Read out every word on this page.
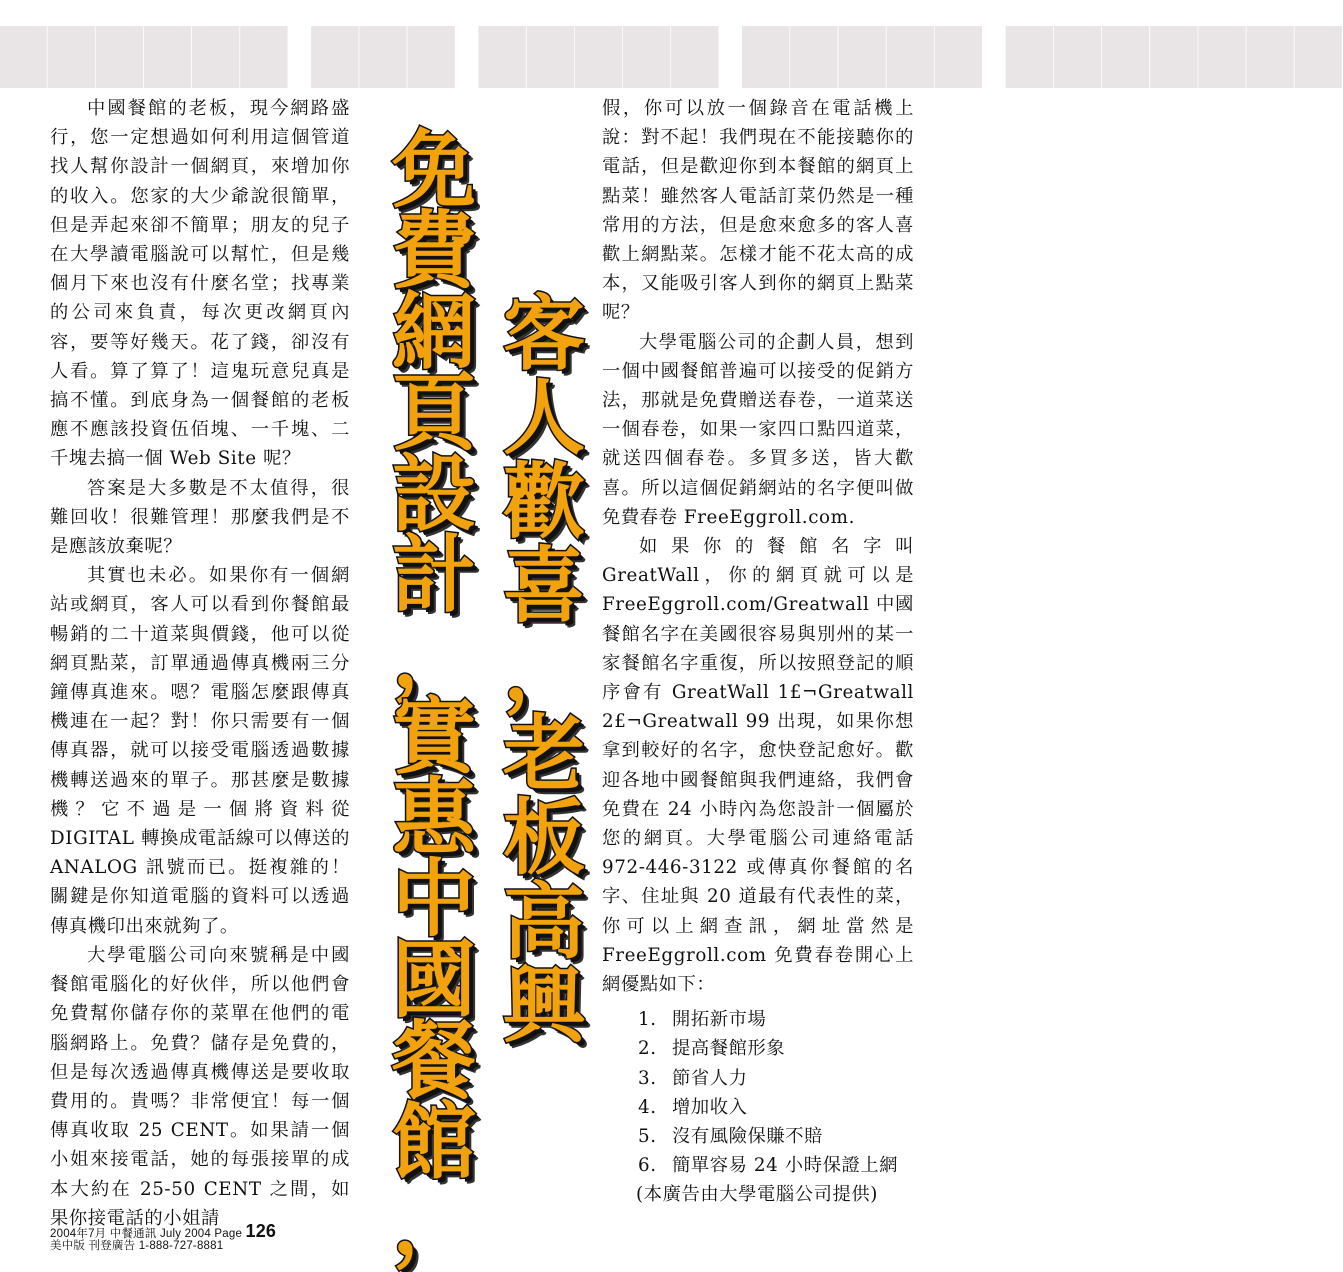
▇▇▇▇▇▇ ▇▇▇ ▇▇▇▇▇ ▇▇▇▇▇ ▇▇▇▇▇▇▇

中國餐館的老板，現今網路盛行，您一定想過如何利用這個管道找人幫你設計一個網頁，來增加你的收入。您家的大少爺說很簡單，但是弄起來卻不簡單；朋友的兒子在大學讀電腦說可以幫忙，但是幾個月下來也沒有什麼名堂；找專業的公司來負責，每次更改網頁內容，要等好幾天。花了錢，卻沒有人看。算了算了！這鬼玩意兒真是搞不懂。到底身為一個餐館的老板應不應該投資伍佰塊、一千塊、二千塊去搞一個 Web Site 呢？

答案是大多數是不太值得，很難回收！很難管理！那麼我們是不是應該放棄呢？

其實也未必。如果你有一個網站或網頁，客人可以看到你餐館最暢銷的二十道菜與價錢，他可以從網頁點菜，訂單通過傳真機兩三分鐘傳真進來。嗯？電腦怎麼跟傳真機連在一起？對！你只需要有一個傳真器，就可以接受電腦透過數據機轉送過來的單子。那甚麼是數據機？它不過是一個將資料從 DIGITAL 轉換成電話線可以傳送的 ANALOG 訊號而已。挺複雜的！關鍵是你知道電腦的資料可以透過傳真機印出來就夠了。

大學電腦公司向來號稱是中國餐館電腦化的好伙伴，所以他們會免費幫你儲存你的菜單在他們的電腦網路上。免費？儲存是免費的，但是每次透過傳真機傳送是要收取費用的。貴嗎？非常便宜！每一個傳真收取 25 CENT。如果請一個小姐來接電話，她的每張接單的成本大約在 25-50 CENT 之間，如果你接電話的小姐請

免
費
網
頁
設
計
，
實
惠
中
國
餐
館
，
客
人
歡
喜
，
老
板
高
興

假，你可以放一個錄音在電話機上說：對不起！我們現在不能接聽你的電話，但是歡迎你到本餐館的網頁上點菜！雖然客人電話訂菜仍然是一種常用的方法，但是愈來愈多的客人喜歡上網點菜。怎樣才能不花太高的成本，又能吸引客人到你的網頁上點菜呢？

大學電腦公司的企劃人員，想到一個中國餐館普遍可以接受的促銷方法，那就是免費贈送春卷，一道菜送一個春卷，如果一家四口點四道菜，就送四個春卷。多買多送，皆大歡喜。所以這個促銷網站的名字便叫做免費春卷 FreeEggroll.com.

如果你的餐館名字叫 GreatWall，你的網頁就可以是 FreeEggroll.com/Greatwall 中國餐館名字在美國很容易與別州的某一家餐館名字重復，所以按照登記的順序會有 GreatWall 1£¬Greatwall 2£¬Greatwall 99 出現，如果你想拿到較好的名字，愈快登記愈好。歡迎各地中國餐館與我們連絡，我們會免費在 24 小時內為您設計一個屬於您的網頁。大學電腦公司連絡電話 972-446-3122 或傳真你餐館的名字、住址與 20 道最有代表性的菜，你可以上網查訊，網址當然是 FreeEggroll.com 免費春卷開心上網優點如下：

1. 開拓新市場
2. 提高餐館形象
3. 節省人力
4. 增加收入
5. 沒有風險保賺不賠
6. 簡單容易 24 小時保證上網

(本廣告由大學電腦公司提供)

2004年7月 中餐通訊 July 2004 Page 126
美中版 刊登廣告 1-888-727-8881
